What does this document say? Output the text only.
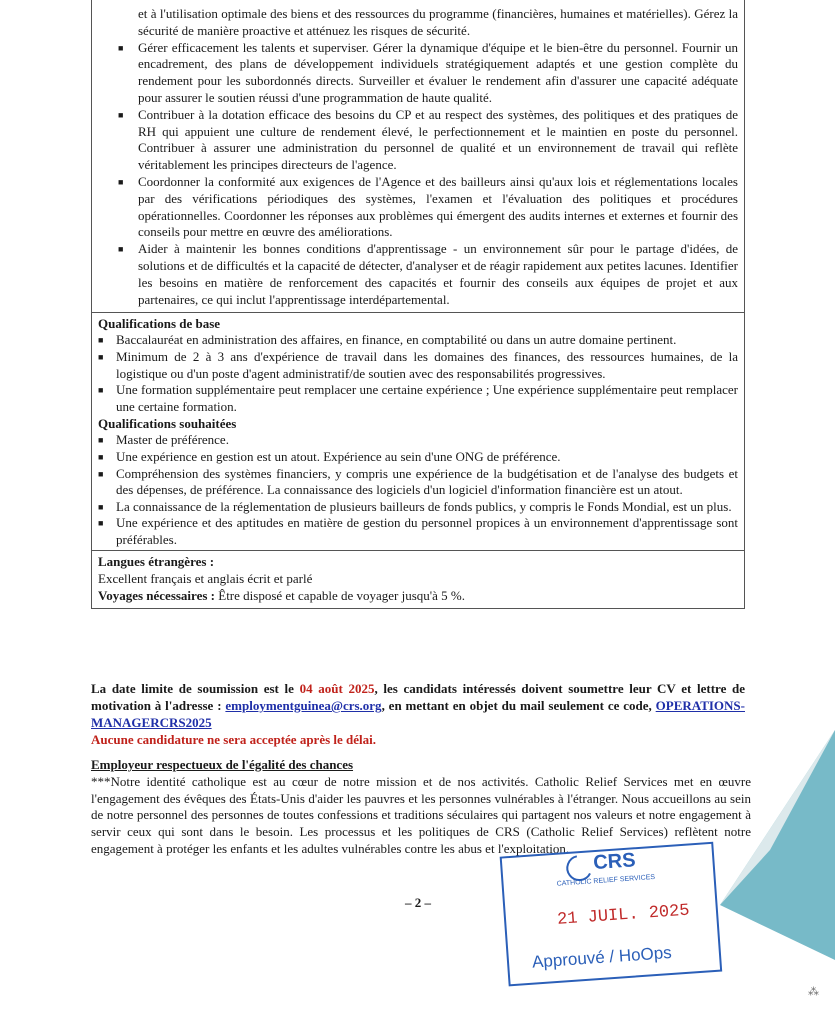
et à l'utilisation optimale des biens et des ressources du programme (financières, humaines et matérielles). Gérez la sécurité de manière proactive et atténuez les risques de sécurité.
■ Gérer efficacement les talents et superviser. Gérer la dynamique d'équipe et le bien-être du personnel. Fournir un encadrement, des plans de développement individuels stratégiquement adaptés et une gestion complète du rendement pour les subordonnés directs. Surveiller et évaluer le rendement afin d'assurer une capacité adéquate pour assurer le soutien réussi d'une programmation de haute qualité.
■ Contribuer à la dotation efficace des besoins du CP et au respect des systèmes, des politiques et des pratiques de RH qui appuient une culture de rendement élevé, le perfectionnement et le maintien en poste du personnel. Contribuer à assurer une administration du personnel de qualité et un environnement de travail qui reflète véritablement les principes directeurs de l'agence.
■ Coordonner la conformité aux exigences de l'Agence et des bailleurs ainsi qu'aux lois et réglementations locales par des vérifications périodiques des systèmes, l'examen et l'évaluation des politiques et procédures opérationnelles. Coordonner les réponses aux problèmes qui émergent des audits internes et externes et fournir des conseils pour mettre en œuvre des améliorations.
■ Aider à maintenir les bonnes conditions d'apprentissage - un environnement sûr pour le partage d'idées, de solutions et de difficultés et la capacité de détecter, d'analyser et de réagir rapidement aux petites lacunes. Identifier les besoins en matière de renforcement des capacités et fournir des conseils aux équipes de projet et aux partenaires, ce qui inclut l'apprentissage interdépartemental.
Qualifications de base
■ Baccalauréat en administration des affaires, en finance, en comptabilité ou dans un autre domaine pertinent.
■ Minimum de 2 à 3 ans d'expérience de travail dans les domaines des finances, des ressources humaines, de la logistique ou d'un poste d'agent administratif/de soutien avec des responsabilités progressives.
■ Une formation supplémentaire peut remplacer une certaine expérience ; Une expérience supplémentaire peut remplacer une certaine formation.
Qualifications souhaitées
■ Master de préférence.
■ Une expérience en gestion est un atout. Expérience au sein d'une ONG de préférence.
■ Compréhension des systèmes financiers, y compris une expérience de la budgétisation et de l'analyse des budgets et des dépenses, de préférence. La connaissance des logiciels d'un logiciel d'information financière est un atout.
■ La connaissance de la réglementation de plusieurs bailleurs de fonds publics, y compris le Fonds Mondial, est un plus.
■ Une expérience et des aptitudes en matière de gestion du personnel propices à un environnement d'apprentissage sont préférables.
Langues étrangères :
Excellent français et anglais écrit et parlé
Voyages nécessaires : Être disposé et capable de voyager jusqu'à 5 %.
La date limite de soumission est le 04 août 2025, les candidats intéressés doivent soumettre leur CV et lettre de motivation à l'adresse : employmentguinea@crs.org, en mettant en objet du mail seulement ce code, OPERATIONS-MANAGERCRS2025
Aucune candidature ne sera acceptée après le délai.
Employeur respectueux de l'égalité des chances

***Notre identité catholique est au cœur de notre mission et de nos activités. Catholic Relief Services met en œuvre l'engagement des évêques des États-Unis d'aider les pauvres et les personnes vulnérables à l'étranger. Nous accueillons au sein de notre personnel des personnes de toutes confessions et traditions séculaires qui partagent nos valeurs et notre engagement à servir ceux qui sont dans le besoin. Les processus et les politiques de CRS (Catholic Relief Services) reflètent notre engagement à protéger les enfants et les adultes vulnérables contre les abus et l'exploitation.

– 2 –
CRS
CATHOLIC RELIEF SERVICES
21 JUIL. 2025
Approuvé / HoOps
⁂
